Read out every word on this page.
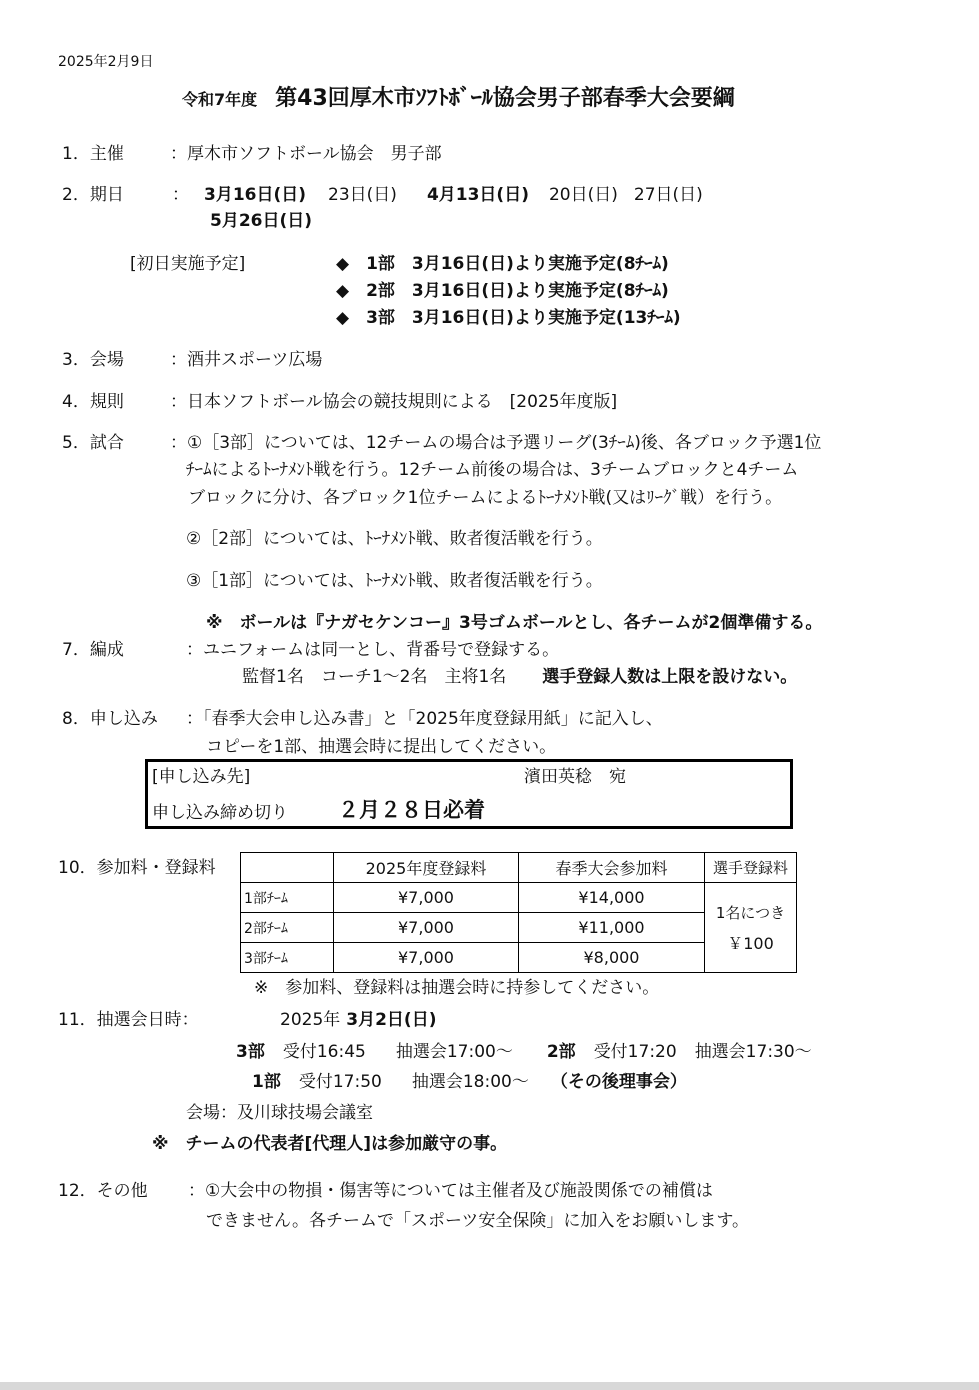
2025年2月9日
令和7年度 第43回厚木市ｿﾌﾄﾎﾞｰﾙ協会男子部春季大会要綱
1．主催	：厚木市ソフトボール協会　男子部
2．期日	： 3月16日(日) 23日(日) 4月13日(日) 20日(日) 27日(日)
5月26日(日)
[初日実施予定]	◆　1部　3月16日(日)より実施予定(8ﾁｰﾑ)
◆　2部　3月16日(日)より実施予定(8ﾁｰﾑ)
◆　3部　3月16日(日)より実施予定(13ﾁｰﾑ)
3．会場	：酒井スポーツ広場
4．規則	：日本ソフトボール協会の競技規則による　[2025年度版]
5．試合	：①［3部］については、12チームの場合は予選リーグ(3ﾁｰﾑ)後、各ブロック予選1位
ﾁｰﾑによるﾄｰﾅﾒﾝﾄ戦を行う。12チーム前後の場合は、3チームブロックと4チーム
ブロックに分け、各ブロック1位チームによるﾄｰﾅﾒﾝﾄ戦(又はﾘｰｸﾞ戦）を行う。
②［2部］については、ﾄｰﾅﾒﾝﾄ戦、敗者復活戦を行う。
③［1部］については、ﾄｰﾅﾒﾝﾄ戦、敗者復活戦を行う。
※　ボールは『ナガセケンコー』3号ゴムボールとし、各チームが2個準備する。
7．編成	：ユニフォームは同一とし、背番号で登録する。
監督1名　コーチ1～2名　主将1名 選手登録人数は上限を設けない。
8．申し込み ：「春季大会申し込み書」と「2025年度登録用紙」に記入し、
コピーを1部、抽選会時に提出してください。
[申し込み先]	濱田英稔　宛
申し込み締め切り ２月２８日必着
10．参加料・登録料
		2025年度登録料	春季大会参加料	選手登録料
1部ﾁｰﾑ	¥7,000	¥14,000	1名につき
￥100

2部ﾁｰﾑ	¥7,000	¥11,000	
3部ﾁｰﾑ	¥7,000	¥8,000	
※　参加料、登録料は抽選会時に持参してください。
11．抽選会日時：	2025年 3月2日(日)
3部 受付16:45 抽選会17:00～ 2部 受付17:20 抽選会17:30～
1部 受付17:50 抽選会18:00～ （その後理事会）
会場：及川球技場会議室
※　チームの代表者[代理人]は参加厳守の事。
12．その他 ：①大会中の物損・傷害等については主催者及び施設関係での補償は
できません。各チームで「スポーツ安全保険」に加入をお願いします。
